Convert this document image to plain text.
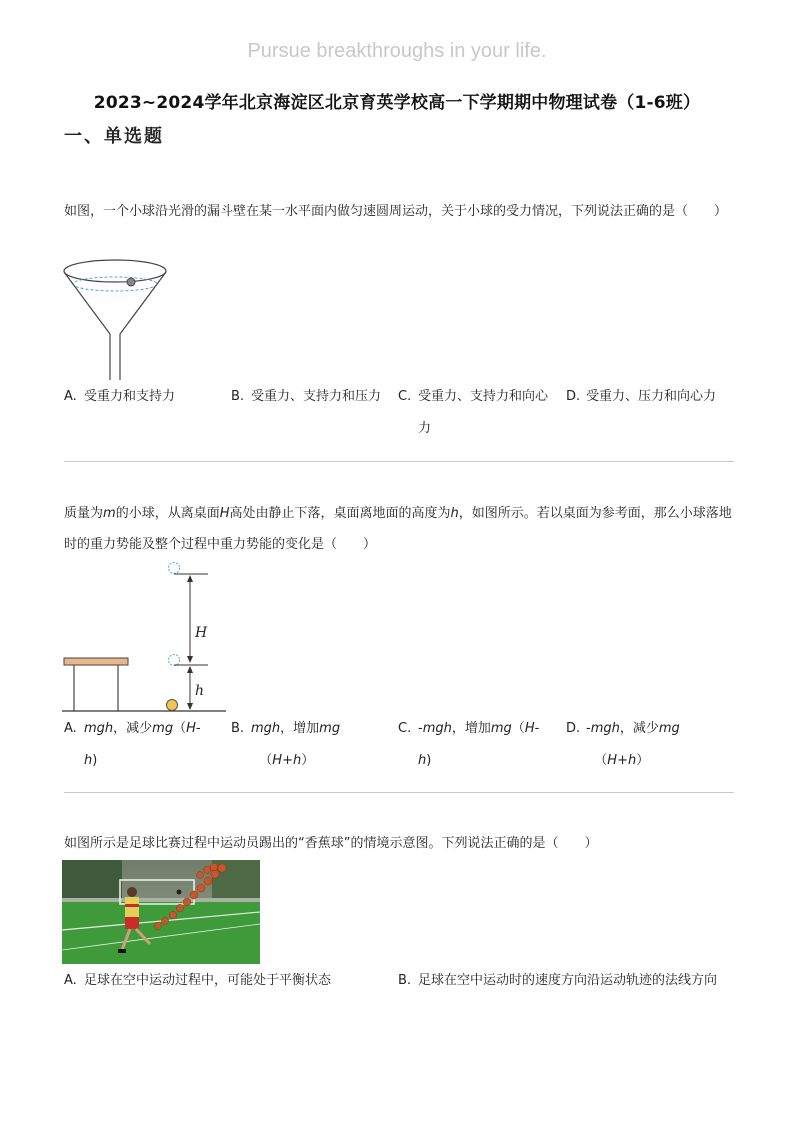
Pursue breakthroughs in your life.
2023~2024学年北京海淀区北京育英学校高一下学期期中物理试卷（1-6班）
一、单选题
如图，一个小球沿光滑的漏斗壁在某一水平面内做匀速圆周运动，关于小球的受力情况，下列说法正确的是（　　）
A. 受重力和支持力	B. 受重力、支持力和压力 C. 受重力、支持力和向心力
D. 受重力、压力和向心力
质量为m的小球，从离桌面H高处由静止下落，桌面离地面的高度为h，如图所示。若以桌面为参考面，那么小球落地时的重力势能及整个过程中重力势能的变化是（　　）
H
h
A. mgh，减少mg（H-
h)
B. mgh，增加mg
（H+h）
C. -mgh，增加mg（H-
h)
D. -mgh，减少mg
（H+h）
如图所示是足球比赛过程中运动员踢出的“香蕉球”的情境示意图。下列说法正确的是（　　）
A. 足球在空中运动过程中，可能处于平衡状态	B. 足球在空中运动时的速度方向沿运动轨迹的法线方向
